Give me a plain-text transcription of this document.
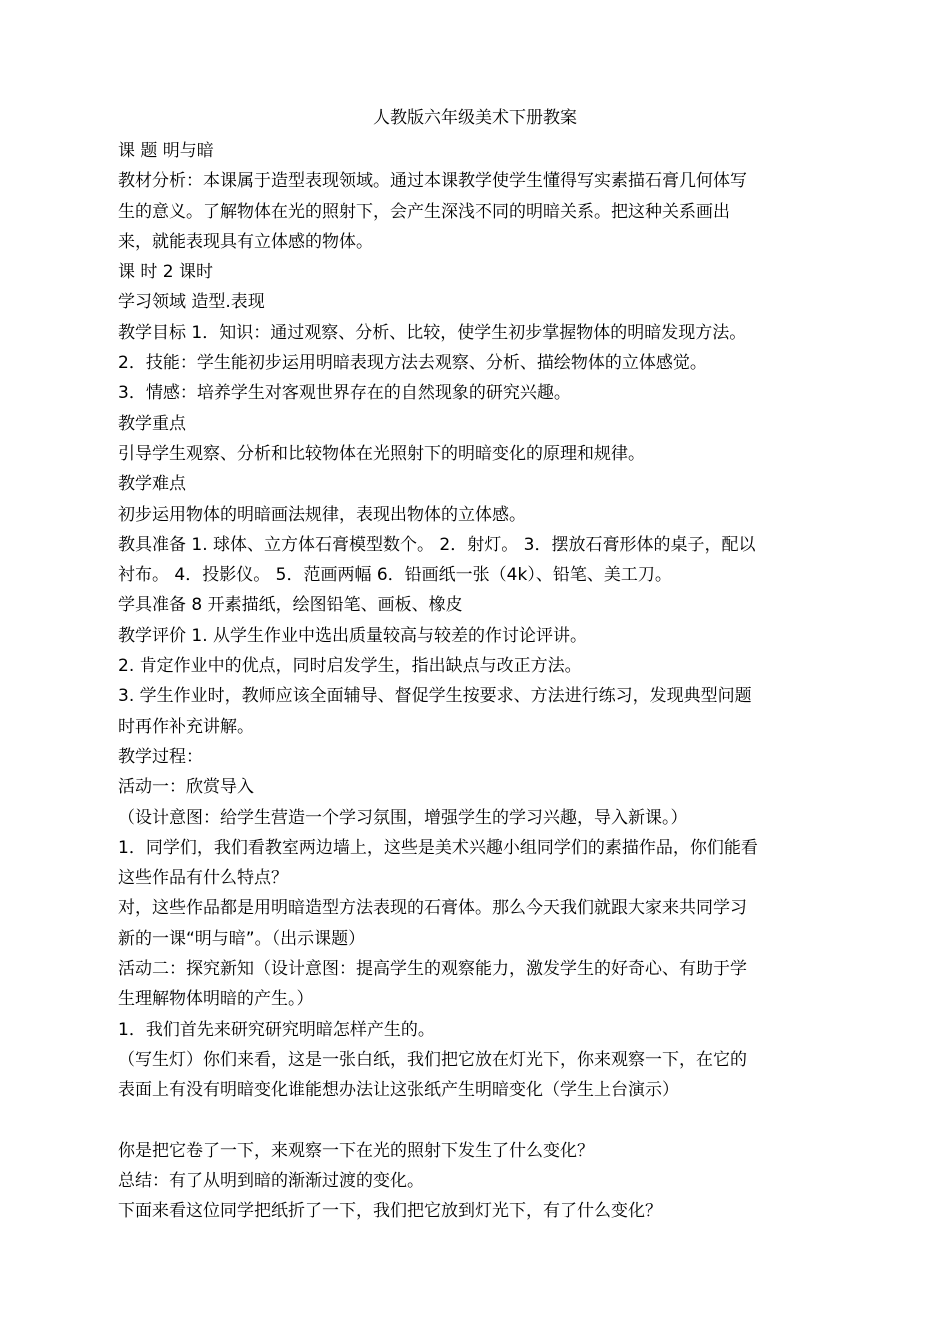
人教版六年级美术下册教案

课 题 明与暗

教材分析：本课属于造型表现领域。通过本课教学使学生懂得写实素描石膏几何体写

生的意义。了解物体在光的照射下，会产生深浅不同的明暗关系。把这种关系画出

来，就能表现具有立体感的物体。

课 时 2 课时

学习领域 造型.表现

教学目标 1．知识：通过观察、分析、比较，使学生初步掌握物体的明暗发现方法。

2．技能：学生能初步运用明暗表现方法去观察、分析、描绘物体的立体感觉。

3．情感：培养学生对客观世界存在的自然现象的研究兴趣。

教学重点

引导学生观察、分析和比较物体在光照射下的明暗变化的原理和规律。

教学难点

初步运用物体的明暗画法规律，表现出物体的立体感。

教具准备 1. 球体、立方体石膏模型数个。 2．射灯。 3．摆放石膏形体的桌子，配以

衬布。 4．投影仪。 5．范画两幅 6．铅画纸一张（4k）、铅笔、美工刀。

学具准备 8 开素描纸，绘图铅笔、画板、橡皮

教学评价 1. 从学生作业中选出质量较高与较差的作讨论评讲。

2. 肯定作业中的优点，同时启发学生，指出缺点与改正方法。

3. 学生作业时，教师应该全面辅导、督促学生按要求、方法进行练习，发现典型问题

时再作补充讲解。

教学过程：

活动一：欣赏导入

（设计意图：给学生营造一个学习氛围，增强学生的学习兴趣，导入新课。）

1．同学们，我们看教室两边墙上，这些是美术兴趣小组同学们的素描作品，你们能看

这些作品有什么特点？

对，这些作品都是用明暗造型方法表现的石膏体。那么今天我们就跟大家来共同学习

新的一课“明与暗”。（出示课题）

活动二：探究新知（设计意图：提高学生的观察能力，激发学生的好奇心、有助于学

生理解物体明暗的产生。）

1．我们首先来研究研究明暗怎样产生的。

（写生灯）你们来看，这是一张白纸，我们把它放在灯光下，你来观察一下，在它的

表面上有没有明暗变化谁能想办法让这张纸产生明暗变化（学生上台演示）

你是把它卷了一下，来观察一下在光的照射下发生了什么变化？

总结：有了从明到暗的渐渐过渡的变化。

下面来看这位同学把纸折了一下，我们把它放到灯光下，有了什么变化？
